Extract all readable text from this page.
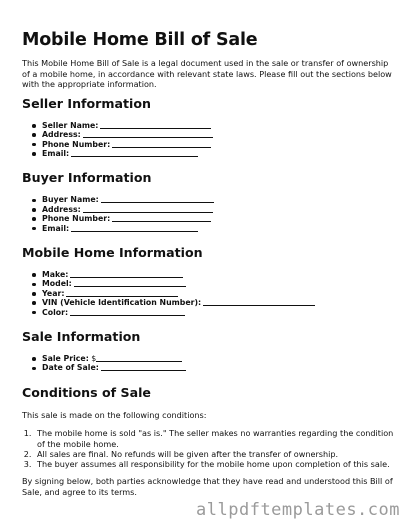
Mobile Home Bill of Sale

This Mobile Home Bill of Sale is a legal document used in the sale or transfer of ownership of a mobile home, in accordance with relevant state laws. Please fill out the sections below with the appropriate information.

Seller Information
Seller Name:
Address:
Phone Number:
Email:
Buyer Information
Buyer Name:
Address:
Phone Number:
Email:
Mobile Home Information
Make:
Model:
Year:
VIN (Vehicle Identification Number):
Color:
Sale Information
Sale Price: $
Date of Sale:
Conditions of Sale

This sale is made on the following conditions:

1. The mobile home is sold "as is." The seller makes no warranties regarding the condition of the mobile home.
2. All sales are final. No refunds will be given after the transfer of ownership.
3. The buyer assumes all responsibility for the mobile home upon completion of this sale.

By signing below, both parties acknowledge that they have read and understood this Bill of Sale, and agree to its terms.

allpdftemplates.com
